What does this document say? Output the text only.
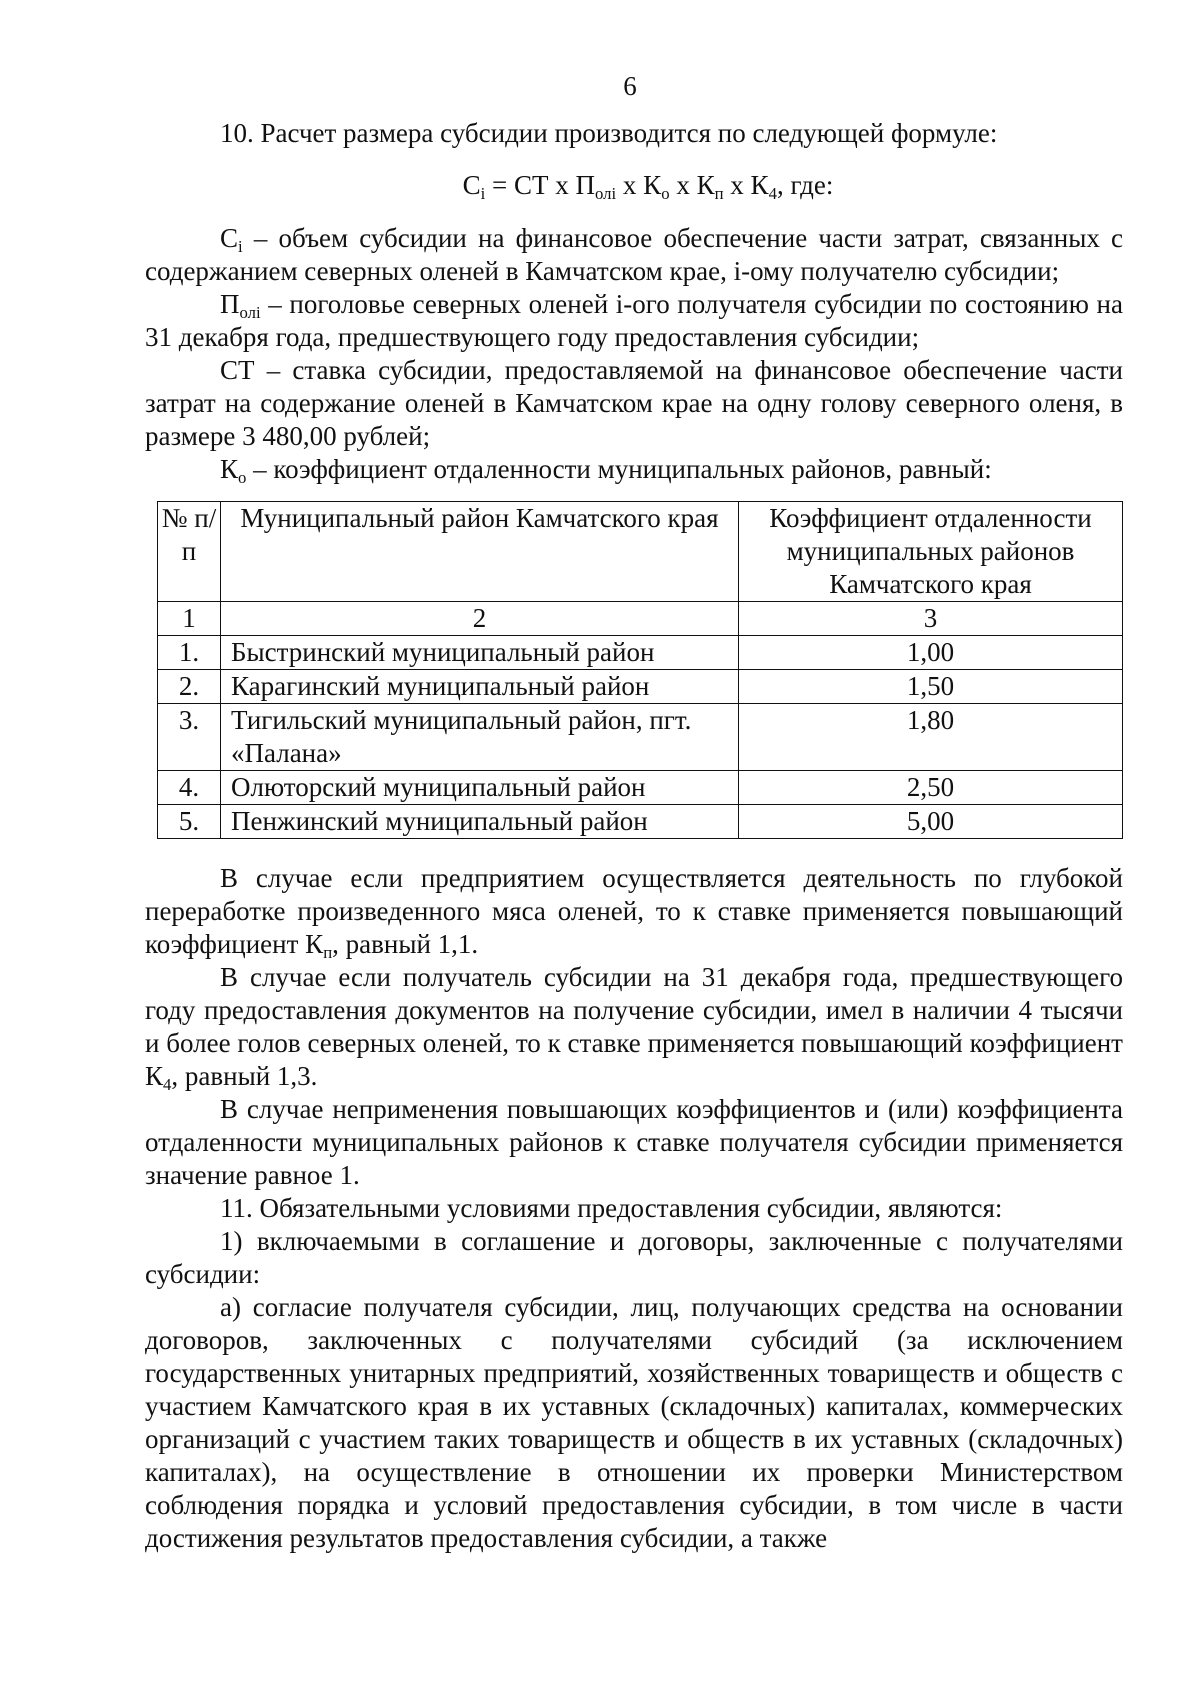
6

10. Расчет размера субсидии производится по следующей формуле:

$С_i$ = СТ х $П_{олi}$ х $К_о$ х $К_п$ х $К_4$, где:

$С_i$ – объем субсидии на финансовое обеспечение части затрат, связанных с содержанием северных оленей в Камчатском крае, i-ому получателю субсидии;

$П_{олi}$ – поголовье северных оленей i-ого получателя субсидии по состоянию на 31 декабря года, предшествующего году предоставления субсидии;

СТ – ставка субсидии, предоставляемой на финансовое обеспечение части затрат на содержание оленей в Камчатском крае на одну голову северного оленя, в размере 3 480,00 рублей;

$К_о$ – коэффициент отдаленности муниципальных районов, равный:

№ п/п	Муниципальный район Камчатского края	Коэффициент отдаленности муниципальных районов Камчатского края
1	2	3
1.	Быстринский муниципальный район	1,00
2.	Карагинский муниципальный район	1,50
3.	Тигильский муниципальный район, пгт. «Палана»	1,80
4.	Олюторский муниципальный район	2,50
5.	Пенжинский муниципальный район	5,00

В случае если предприятием осуществляется деятельность по глубокой переработке произведенного мяса оленей, то к ставке применяется повышающий коэффициент $К_п$, равный 1,1.

В случае если получатель субсидии на 31 декабря года, предшествующего году предоставления документов на получение субсидии, имел в наличии 4 тысячи и более голов северных оленей, то к ставке применяется повышающий коэффициент $К_4$, равный 1,3.

В случае неприменения повышающих коэффициентов и (или) коэффициента отдаленности муниципальных районов к ставке получателя субсидии применяется значение равное 1.

11. Обязательными условиями предоставления субсидии, являются:

1) включаемыми в соглашение и договоры, заключенные с получателями субсидии:

а) согласие получателя субсидии, лиц, получающих средства на основании договоров, заключенных с получателями субсидий (за исключением государственных унитарных предприятий, хозяйственных товариществ и обществ с участием Камчатского края в их уставных (складочных) капиталах, коммерческих организаций с участием таких товариществ и обществ в их уставных (складочных) капиталах), на осуществление в отношении их проверки Министерством соблюдения порядка и условий предоставления субсидии, в том числе в части достижения результатов предоставления субсидии, а также
